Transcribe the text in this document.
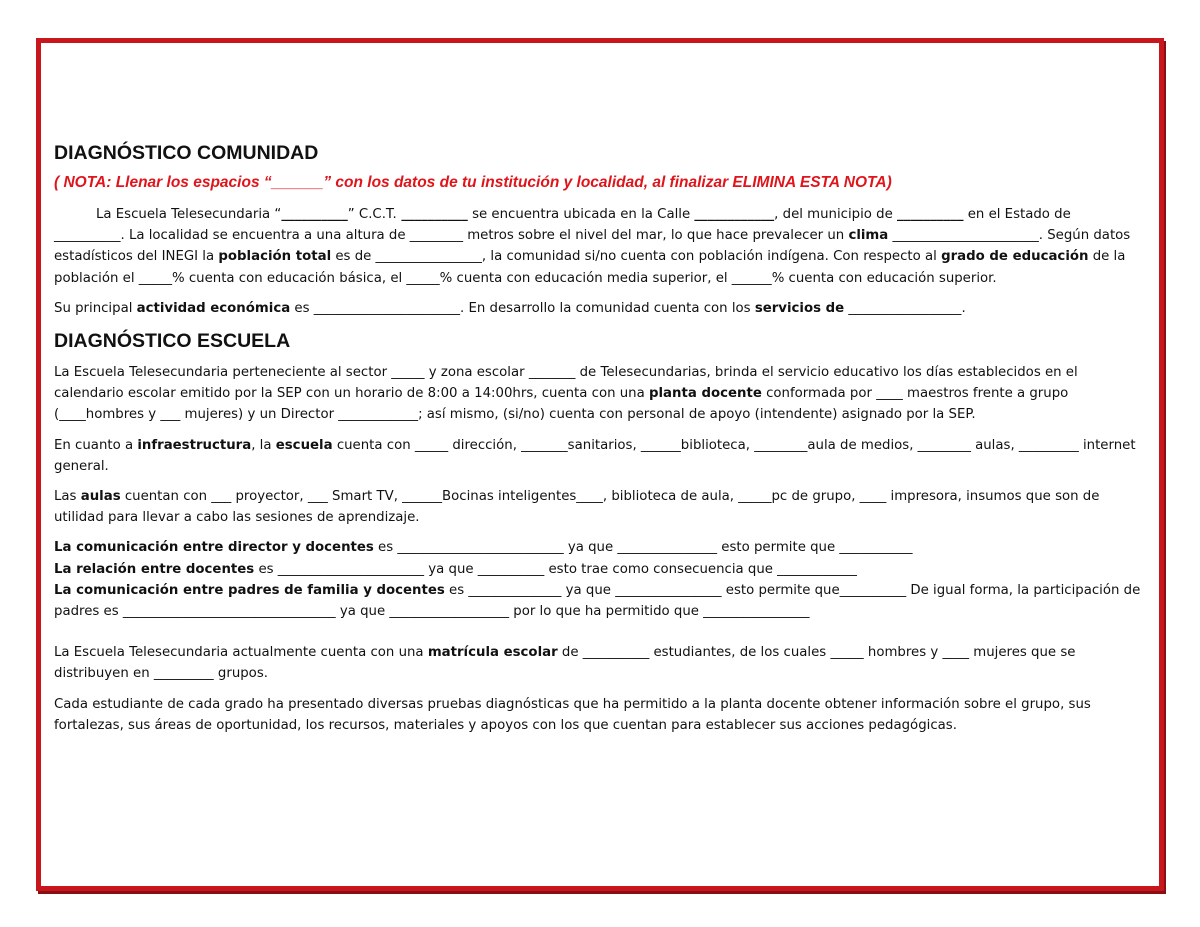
DIAGNÓSTICO COMUNIDAD
( NOTA: Llenar los espacios “______” con los datos de tu institución y localidad, al finalizar ELIMINA ESTA NOTA)

La Escuela Telesecundaria “__________” C.C.T. __________ se encuentra ubicada en la Calle ____________, del municipio de __________ en el Estado de __________. La localidad se encuentra a una altura de ________ metros sobre el nivel del mar, lo que hace prevalecer un clima ______________________. Según datos estadísticos del INEGI la población total es de ________________, la comunidad si/no cuenta con población indígena. Con respecto al grado de educación de la población el _____% cuenta con educación básica, el _____% cuenta con educación media superior, el ______% cuenta con educación superior.

Su principal actividad económica es ______________________. En desarrollo la comunidad cuenta con los servicios de _________________.

DIAGNÓSTICO ESCUELA

La Escuela Telesecundaria perteneciente al sector _____ y zona escolar _______ de Telesecundarias, brinda el servicio educativo los días establecidos en el calendario escolar emitido por la SEP con un horario de 8:00 a 14:00hrs, cuenta con una planta docente conformada por ____ maestros frente a grupo (____hombres y ___ mujeres) y un Director ____________; así mismo, (si/no) cuenta con personal de apoyo (intendente) asignado por la SEP.

En cuanto a infraestructura, la escuela cuenta con _____ dirección, _______sanitarios, ______biblioteca, ________aula de medios, ________ aulas, _________ internet general.

Las aulas cuentan con ___ proyector, ___ Smart TV, ______Bocinas inteligentes____, biblioteca de aula, _____pc de grupo, ____ impresora, insumos que son de utilidad para llevar a cabo las sesiones de aprendizaje.

La comunicación entre director y docentes es _________________________ ya que _______________ esto permite que ___________
La relación entre docentes es ______________________ ya que __________ esto trae como consecuencia que ____________
La comunicación entre padres de familia y docentes es ______________ ya que ________________ esto permite que__________ De igual forma, la participación de padres es ________________________________ ya que __________________ por lo que ha permitido que ________________

La Escuela Telesecundaria actualmente cuenta con una matrícula escolar de __________ estudiantes, de los cuales _____ hombres y ____ mujeres que se distribuyen en _________ grupos.

Cada estudiante de cada grado ha presentado diversas pruebas diagnósticas que ha permitido a la planta docente obtener información sobre el grupo, sus fortalezas, sus áreas de oportunidad, los recursos, materiales y apoyos con los que cuentan para establecer sus acciones pedagógicas.
